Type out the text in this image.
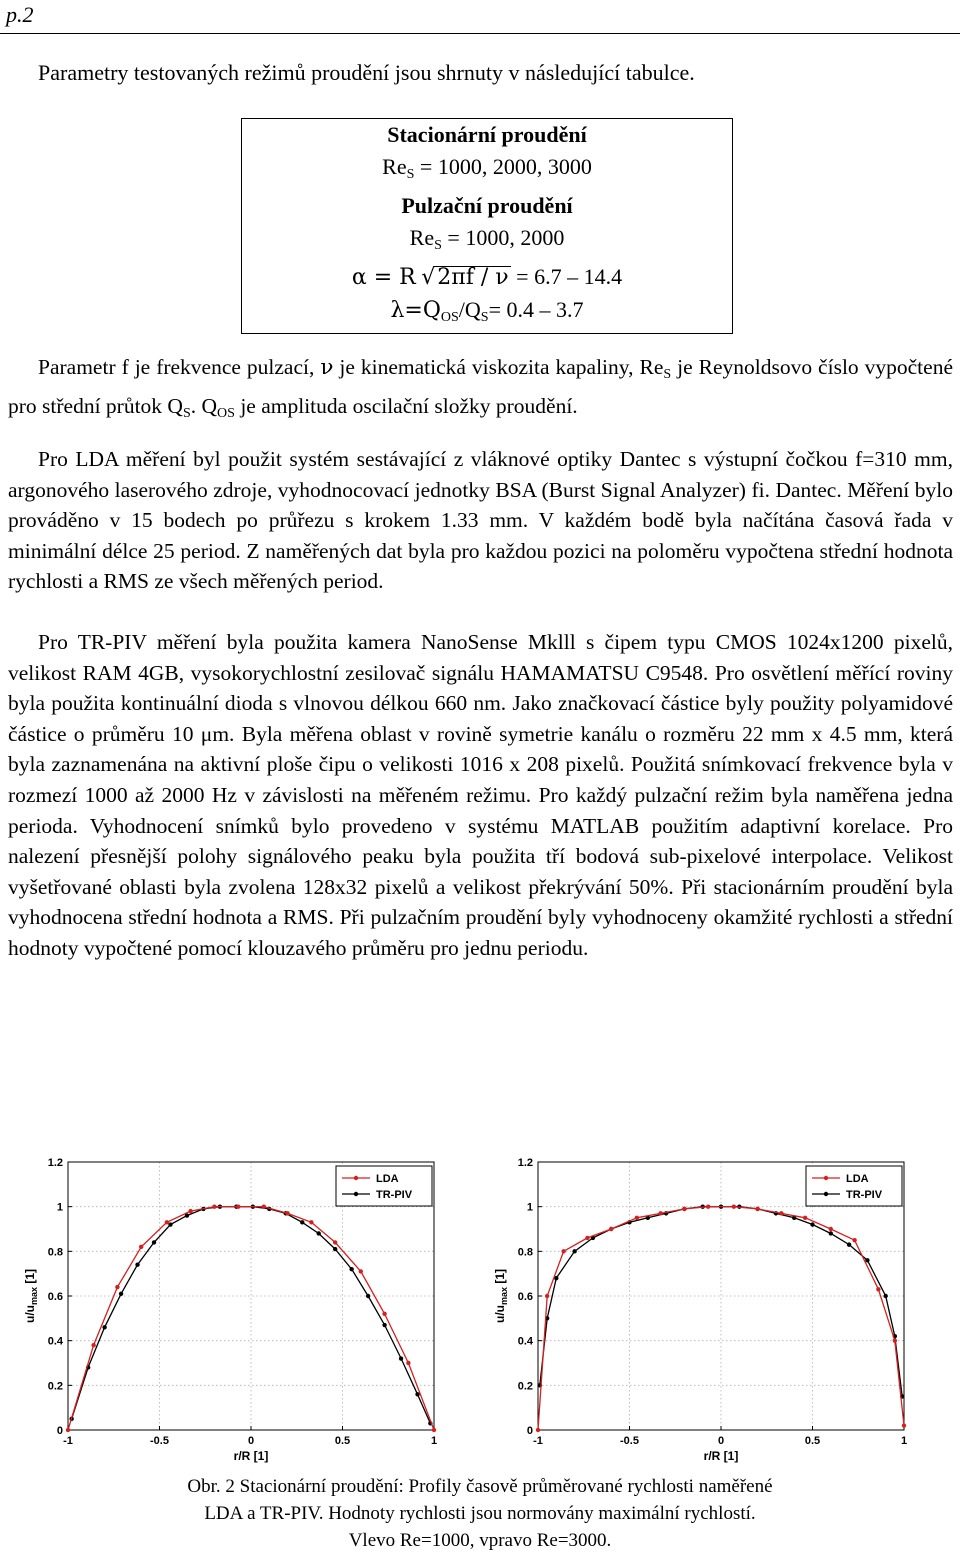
p.2
Parametry testovaných režimů proudění jsou shrnuty v následující tabulce.
Stacionární proudění
$Re_S = 1000$, 2000, 3000
Pulzační proudění
$Re_S = 1000$, 2000
α = R √2πf / ν = 6.7 – 14.4
$\lambda=Q_{OS}/Q_S= 0.4 - 3.7$

Parametr f je frekvence pulzací, ν je kinematická viskozita kapaliny, $Re_S$ je Reynoldsovo číslo vypočtené pro střední průtok $Q_S$. $Q_{OS}$ je amplituda oscilační složky proudění.

Pro LDA měření byl použit systém sestávající z vláknové optiky Dantec s výstupní čočkou f=310 mm, argonového laserového zdroje, vyhodnocovací jednotky BSA (Burst Signal Analyzer) fi. Dantec. Měření bylo prováděno v 15 bodech po průřezu s krokem 1.33 mm. V každém bodě byla načítána časová řada v minimální délce 25 period. Z naměřených dat byla pro každou pozici na poloměru vypočtena střední hodnota rychlosti a RMS ze všech měřených period.

Pro TR-PIV měření byla použita kamera NanoSense Mklll s čipem typu CMOS 1024x1200 pixelů, velikost RAM 4GB, vysokorychlostní zesilovač signálu HAMAMATSU C9548. Pro osvětlení měřící roviny byla použita kontinuální dioda s vlnovou délkou 660 nm. Jako značkovací částice byly použity polyamidové částice o průměru 10 μm. Byla měřena oblast v rovině symetrie kanálu o rozměru 22 mm x 4.5 mm, která byla zaznamenána na aktivní ploše čipu o velikosti 1016 x 208 pixelů. Použitá snímkovací frekvence byla v rozmezí 1000 až 2000 Hz v závislosti na měřeném režimu. Pro každý pulzační režim byla naměřena jedna perioda. Vyhodnocení snímků bylo provedeno v systému MATLAB použitím adaptivní korelace. Pro nalezení přesnější polohy signálového peaku byla použita tří bodová sub-pixelové interpolace. Velikost vyšetřované oblasti byla zvolena 128x32 pixelů a velikost překrývání 50%. Při stacionárním proudění byla vyhodnocena střední hodnota a RMS. Při pulzačním proudění byly vyhodnoceny okamžité rychlosti a střední hodnoty vypočtené pomocí klouzavého průměru pro jednu periodu.

0
0.2
0.4
0.6
0.8
1
1.2
-1	-0.5	0	0.5	1
r/R [1]
$u/u_{max}$ [1]
LDA
TR-PIV
0
0.2
0.4
0.6
0.8
1
1.2
-1	-0.5	0	0.5	1
r/R [1]
$u/u_{max}$ [1]
LDA
TR-PIV
Obr. 2 Stacionární proudění: Profily časově průměrované rychlosti naměřené
LDA a TR-PIV. Hodnoty rychlosti jsou normovány maximální rychlostí.
Vlevo Re=1000, vpravo Re=3000.
